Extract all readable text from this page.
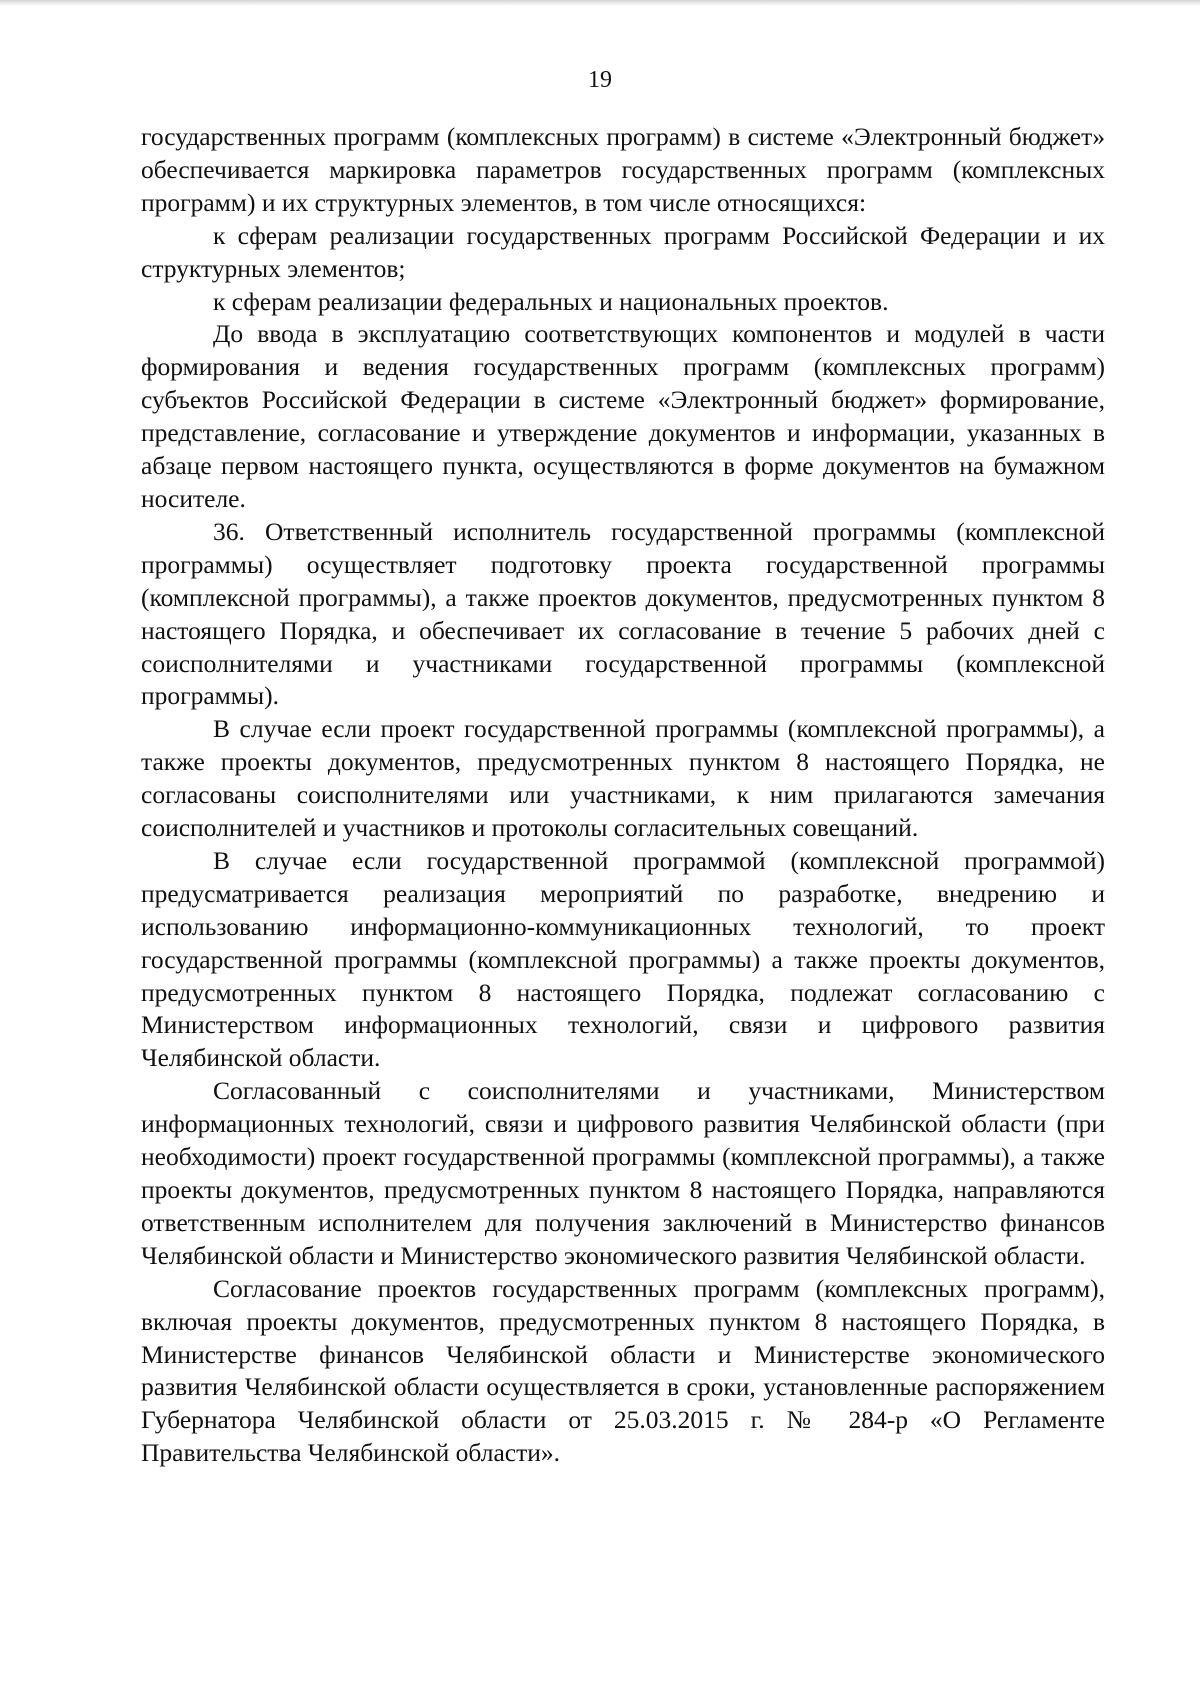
19

государственных программ (комплексных программ) в системе «Электронный бюджет» обеспечивается маркировка параметров государственных программ (комплексных программ) и их структурных элементов, в том числе относящихся:

к сферам реализации государственных программ Российской Федерации и их структурных элементов;

к сферам реализации федеральных и национальных проектов.

До ввода в эксплуатацию соответствующих компонентов и модулей в части формирования и ведения государственных программ (комплексных программ) субъектов Российской Федерации в системе «Электронный бюджет» формирование, представление, согласование и утверждение документов и информации, указанных в абзаце первом настоящего пункта, осуществляются в форме документов на бумажном носителе.

36. Ответственный исполнитель государственной программы (комплексной программы) осуществляет подготовку проекта государственной программы (комплексной программы), а также проектов документов, предусмотренных пунктом 8 настоящего Порядка, и обеспечивает их согласование в течение 5 рабочих дней с соисполнителями и участниками государственной программы (комплексной программы).

В случае если проект государственной программы (комплексной программы), а также проекты документов, предусмотренных пунктом 8 настоящего Порядка, не согласованы соисполнителями или участниками, к ним прилагаются замечания соисполнителей и участников и протоколы согласительных совещаний.

В случае если государственной программой (комплексной программой) предусматривается реализация мероприятий по разработке, внедрению и использованию информационно-коммуникационных технологий, то проект государственной программы (комплексной программы) а также проекты документов, предусмотренных пунктом 8 настоящего Порядка, подлежат согласованию с Министерством информационных технологий, связи и цифрового развития Челябинской области.

Согласованный с соисполнителями и участниками, Министерством информационных технологий, связи и цифрового развития Челябинской области (при необходимости) проект государственной программы (комплексной программы), а также проекты документов, предусмотренных пунктом 8 настоящего Порядка, направляются ответственным исполнителем для получения заключений в Министерство финансов Челябинской области и Министерство экономического развития Челябинской области.

Согласование проектов государственных программ (комплексных программ), включая проекты документов, предусмотренных пунктом 8 настоящего Порядка, в Министерстве финансов Челябинской области и Министерстве экономического развития Челябинской области осуществляется в сроки, установленные распоряжением Губернатора Челябинской области от 25.03.2015 г. № 284-р «О Регламенте Правительства Челябинской области».
